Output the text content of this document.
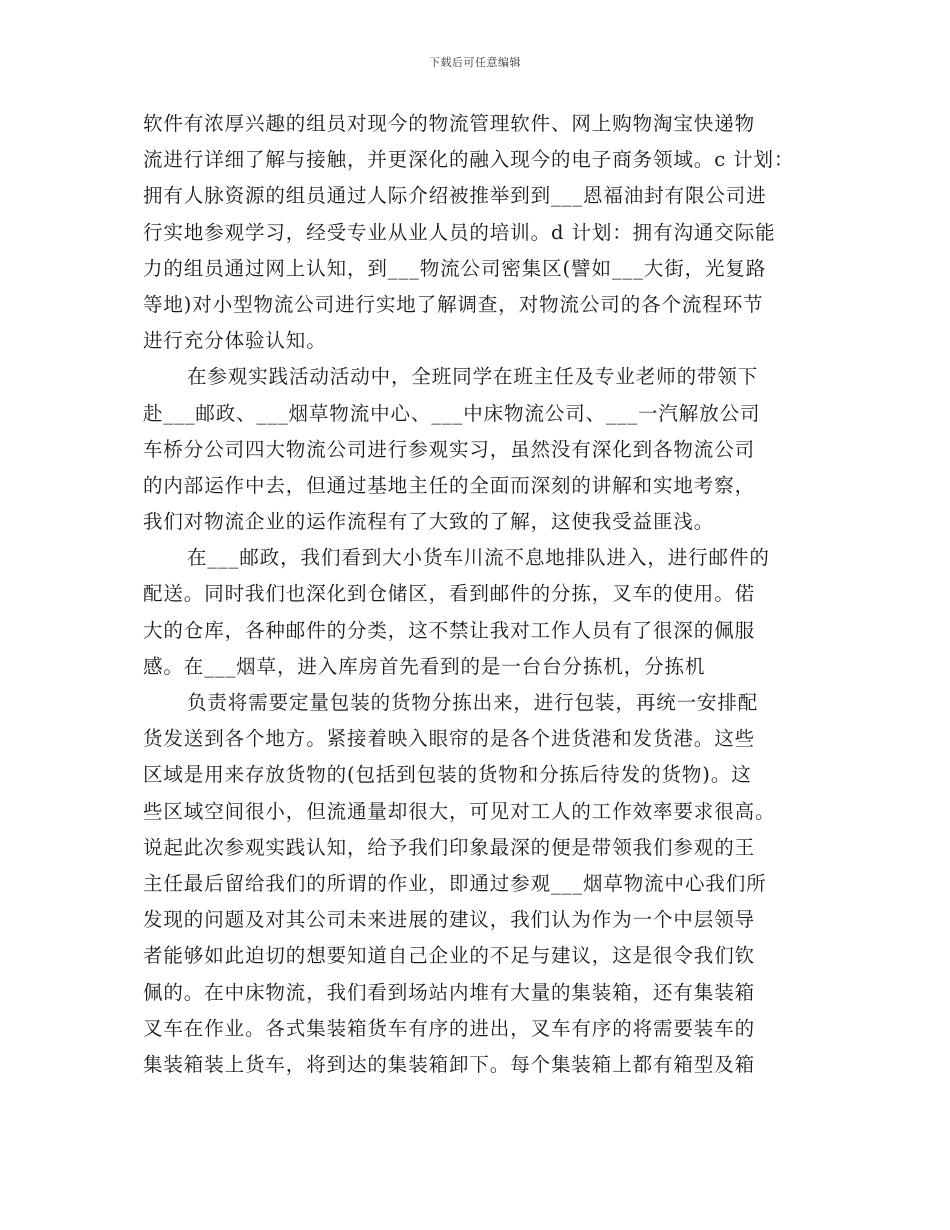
下载后可任意编辑
软件有浓厚兴趣的组员对现今的物流管理软件、网上购物淘宝快递物
流进行详细了解与接触，并更深化的融入现今的电子商务领域。c 计划：
拥有人脉资源的组员通过人际介绍被推举到到___恩福油封有限公司进
行实地参观学习，经受专业从业人员的培训。d 计划：拥有沟通交际能
力的组员通过网上认知，到___物流公司密集区(譬如___大街，光复路
等地)对小型物流公司进行实地了解调查，对物流公司的各个流程环节
进行充分体验认知。
在参观实践活动活动中，全班同学在班主任及专业老师的带领下
赴___邮政、___烟草物流中心、___中床物流公司、___一汽解放公司
车桥分公司四大物流公司进行参观实习，虽然没有深化到各物流公司
的内部运作中去，但通过基地主任的全面而深刻的讲解和实地考察，
我们对物流企业的运作流程有了大致的了解，这使我受益匪浅。
在___邮政，我们看到大小货车川流不息地排队进入，进行邮件的
配送。同时我们也深化到仓储区，看到邮件的分拣，叉车的使用。偌
大的仓库，各种邮件的分类，这不禁让我对工作人员有了很深的佩服
感。在___烟草，进入库房首先看到的是一台台分拣机，分拣机
负责将需要定量包装的货物分拣出来，进行包装，再统一安排配
货发送到各个地方。紧接着映入眼帘的是各个进货港和发货港。这些
区域是用来存放货物的(包括到包装的货物和分拣后待发的货物)。这
些区域空间很小，但流通量却很大，可见对工人的工作效率要求很高。
说起此次参观实践认知，给予我们印象最深的便是带领我们参观的王
主任最后留给我们的所谓的作业，即通过参观___烟草物流中心我们所
发现的问题及对其公司未来进展的建议，我们认为作为一个中层领导
者能够如此迫切的想要知道自己企业的不足与建议，这是很令我们钦
佩的。在中床物流，我们看到场站内堆有大量的集装箱，还有集装箱
叉车在作业。各式集装箱货车有序的进出，叉车有序的将需要装车的
集装箱装上货车，将到达的集装箱卸下。每个集装箱上都有箱型及箱
